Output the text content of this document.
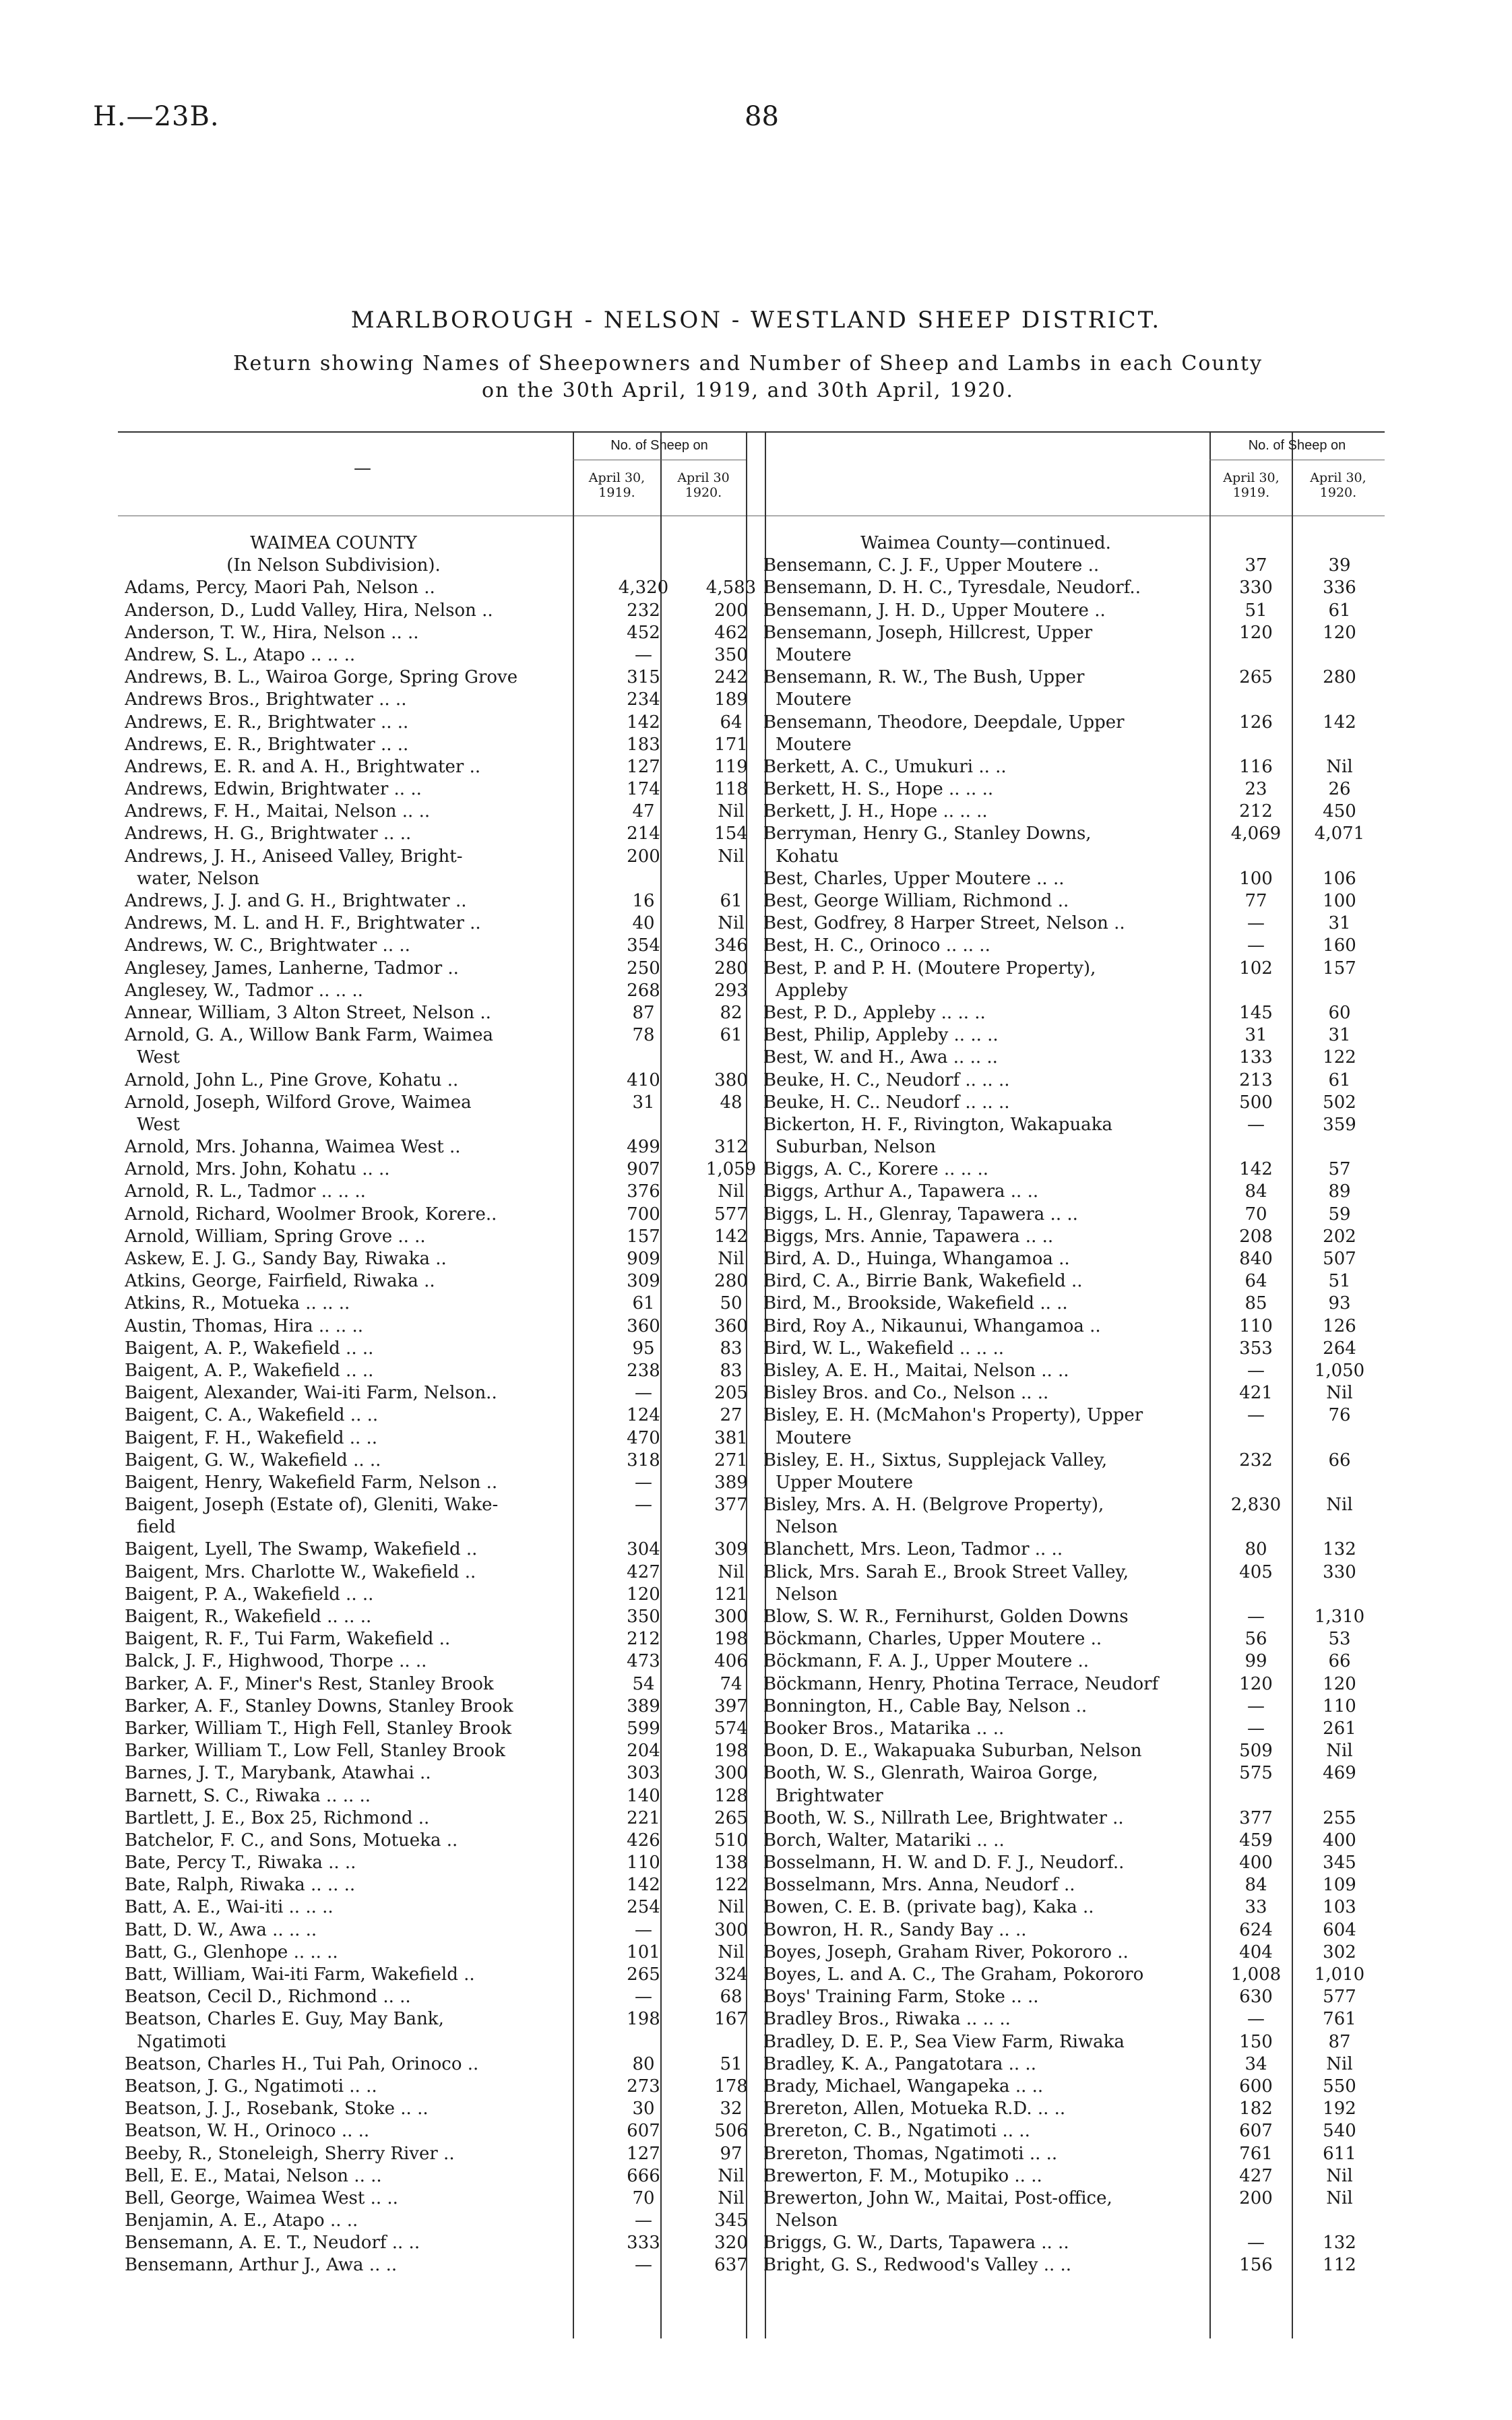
H.—23B.	88
MARLBOROUGH - NELSON - WESTLAND SHEEP DISTRICT.
Return showing Names of Sheepowners and Number of Sheep and Lambs in each County
on the 30th April, 1919, and 30th April, 1920.
—
No. of Sheep on
April 30, 1919.
April 30 1920.
No. of Sheep on
April 30, 1919.
April 30, 1920.
WAIMEA COUNTY
(In Nelson Subdivision).
Adams, Percy, Maori Pah, Nelson ..	4,320	4,583
Anderson, D., Ludd Valley, Hira, Nelson ..	232	200
Anderson, T. W., Hira, Nelson .. ..	452	462
Andrew, S. L., Atapo .. .. ..	—	350
Andrews, B. L., Wairoa Gorge, Spring Grove	315	242
Andrews Bros., Brightwater .. ..	234	189
Andrews, E. R., Brightwater .. ..	142	64
Andrews, E. R., Brightwater .. ..	183	171
Andrews, E. R. and A. H., Brightwater ..	127	119
Andrews, Edwin, Brightwater .. ..	174	118
Andrews, F. H., Maitai, Nelson .. ..	47	Nil
Andrews, H. G., Brightwater .. ..	214	154
Andrews, J. H., Aniseed Valley, Bright-	200	Nil
water, Nelson
Andrews, J. J. and G. H., Brightwater ..	16	61
Andrews, M. L. and H. F., Brightwater ..	40	Nil
Andrews, W. C., Brightwater .. ..	354	346
Anglesey, James, Lanherne, Tadmor ..	250	280
Anglesey, W., Tadmor .. .. ..	268	293
Annear, William, 3 Alton Street, Nelson ..	87	82
Arnold, G. A., Willow Bank Farm, Waimea	78	61
West
Arnold, John L., Pine Grove, Kohatu ..	410	380
Arnold, Joseph, Wilford Grove, Waimea	31	48
West
Arnold, Mrs. Johanna, Waimea West ..	499	312
Arnold, Mrs. John, Kohatu .. ..	907	1,059
Arnold, R. L., Tadmor .. .. ..	376	Nil
Arnold, Richard, Woolmer Brook, Korere..	700	577
Arnold, William, Spring Grove .. ..	157	142
Askew, E. J. G., Sandy Bay, Riwaka ..	909	Nil
Atkins, George, Fairfield, Riwaka ..	309	280
Atkins, R., Motueka .. .. ..	61	50
Austin, Thomas, Hira .. .. ..	360	360
Baigent, A. P., Wakefield .. ..	95	83
Baigent, A. P., Wakefield .. ..	238	83
Baigent, Alexander, Wai-iti Farm, Nelson..	—	205
Baigent, C. A., Wakefield .. ..	124	27
Baigent, F. H., Wakefield .. ..	470	381
Baigent, G. W., Wakefield .. ..	318	271
Baigent, Henry, Wakefield Farm, Nelson ..	—	389
Baigent, Joseph (Estate of), Gleniti, Wake-	—	377
field
Baigent, Lyell, The Swamp, Wakefield ..	304	309
Baigent, Mrs. Charlotte W., Wakefield ..	427	Nil
Baigent, P. A., Wakefield .. ..	120	121
Baigent, R., Wakefield .. .. ..	350	300
Baigent, R. F., Tui Farm, Wakefield ..	212	198
Balck, J. F., Highwood, Thorpe .. ..	473	406
Barker, A. F., Miner's Rest, Stanley Brook	54	74
Barker, A. F., Stanley Downs, Stanley Brook	389	397
Barker, William T., High Fell, Stanley Brook	599	574
Barker, William T., Low Fell, Stanley Brook	204	198
Barnes, J. T., Marybank, Atawhai ..	303	300
Barnett, S. C., Riwaka .. .. ..	140	128
Bartlett, J. E., Box 25, Richmond ..	221	265
Batchelor, F. C., and Sons, Motueka ..	426	510
Bate, Percy T., Riwaka .. ..	110	138
Bate, Ralph, Riwaka .. .. ..	142	122
Batt, A. E., Wai-iti .. .. ..	254	Nil
Batt, D. W., Awa .. .. ..	—	300
Batt, G., Glenhope .. .. ..	101	Nil
Batt, William, Wai-iti Farm, Wakefield ..	265	324
Beatson, Cecil D., Richmond .. ..	—	68
Beatson, Charles E. Guy, May Bank,	198	167
Ngatimoti
Beatson, Charles H., Tui Pah, Orinoco ..	80	51
Beatson, J. G., Ngatimoti .. ..	273	178
Beatson, J. J., Rosebank, Stoke .. ..	30	32
Beatson, W. H., Orinoco .. ..	607	506
Beeby, R., Stoneleigh, Sherry River ..	127	97
Bell, E. E., Matai, Nelson .. ..	666	Nil
Bell, George, Waimea West .. ..	70	Nil
Benjamin, A. E., Atapo .. ..	—	345
Bensemann, A. E. T., Neudorf .. ..	333	320
Bensemann, Arthur J., Awa .. ..	—	637
Waimea County—continued.
Bensemann, C. J. F., Upper Moutere ..	37	39
Bensemann, D. H. C., Tyresdale, Neudorf..	330	336
Bensemann, J. H. D., Upper Moutere ..	51	61
Bensemann, Joseph, Hillcrest, Upper	120	120
Moutere
Bensemann, R. W., The Bush, Upper	265	280
Moutere
Bensemann, Theodore, Deepdale, Upper	126	142
Moutere
Berkett, A. C., Umukuri .. ..	116	Nil
Berkett, H. S., Hope .. .. ..	23	26
Berkett, J. H., Hope .. .. ..	212	450
Berryman, Henry G., Stanley Downs,	4,069	4,071
Kohatu
Best, Charles, Upper Moutere .. ..	100	106
Best, George William, Richmond ..	77	100
Best, Godfrey, 8 Harper Street, Nelson ..	—	31
Best, H. C., Orinoco .. .. ..	—	160
Best, P. and P. H. (Moutere Property),	102	157
Appleby
Best, P. D., Appleby .. .. ..	145	60
Best, Philip, Appleby .. .. ..	31	31
Best, W. and H., Awa .. .. ..	133	122
Beuke, H. C., Neudorf .. .. ..	213	61
Beuke, H. C.. Neudorf .. .. ..	500	502
Bickerton, H. F., Rivington, Wakapuaka	—	359
Suburban, Nelson
Biggs, A. C., Korere .. .. ..	142	57
Biggs, Arthur A., Tapawera .. ..	84	89
Biggs, L. H., Glenray, Tapawera .. ..	70	59
Biggs, Mrs. Annie, Tapawera .. ..	208	202
Bird, A. D., Huinga, Whangamoa ..	840	507
Bird, C. A., Birrie Bank, Wakefield ..	64	51
Bird, M., Brookside, Wakefield .. ..	85	93
Bird, Roy A., Nikaunui, Whangamoa ..	110	126
Bird, W. L., Wakefield .. .. ..	353	264
Bisley, A. E. H., Maitai, Nelson .. ..	—	1,050
Bisley Bros. and Co., Nelson .. ..	421	Nil
Bisley, E. H. (McMahon's Property), Upper	—	76
Moutere
Bisley, E. H., Sixtus, Supplejack Valley,	232	66
Upper Moutere
Bisley, Mrs. A. H. (Belgrove Property),	2,830	Nil
Nelson
Blanchett, Mrs. Leon, Tadmor .. ..	80	132
Blick, Mrs. Sarah E., Brook Street Valley,	405	330
Nelson
Blow, S. W. R., Fernihurst, Golden Downs	—	1,310
Böckmann, Charles, Upper Moutere ..	56	53
Böckmann, F. A. J., Upper Moutere ..	99	66
Böckmann, Henry, Photina Terrace, Neudorf	120	120
Bonnington, H., Cable Bay, Nelson ..	—	110
Booker Bros., Matarika .. ..	—	261
Boon, D. E., Wakapuaka Suburban, Nelson	509	Nil
Booth, W. S., Glenrath, Wairoa Gorge,	575	469
Brightwater
Booth, W. S., Nillrath Lee, Brightwater ..	377	255
Borch, Walter, Matariki .. ..	459	400
Bosselmann, H. W. and D. F. J., Neudorf..	400	345
Bosselmann, Mrs. Anna, Neudorf ..	84	109
Bowen, C. E. B. (private bag), Kaka ..	33	103
Bowron, H. R., Sandy Bay .. ..	624	604
Boyes, Joseph, Graham River, Pokororo ..	404	302
Boyes, L. and A. C., The Graham, Pokororo	1,008	1,010
Boys' Training Farm, Stoke .. ..	630	577
Bradley Bros., Riwaka .. .. ..	—	761
Bradley, D. E. P., Sea View Farm, Riwaka	150	87
Bradley, K. A., Pangatotara .. ..	34	Nil
Brady, Michael, Wangapeka .. ..	600	550
Brereton, Allen, Motueka R.D. .. ..	182	192
Brereton, C. B., Ngatimoti .. ..	607	540
Brereton, Thomas, Ngatimoti .. ..	761	611
Brewerton, F. M., Motupiko .. ..	427	Nil
Brewerton, John W., Maitai, Post-office,	200	Nil
Nelson
Briggs, G. W., Darts, Tapawera .. ..	—	132
Bright, G. S., Redwood's Valley .. ..	156	112
